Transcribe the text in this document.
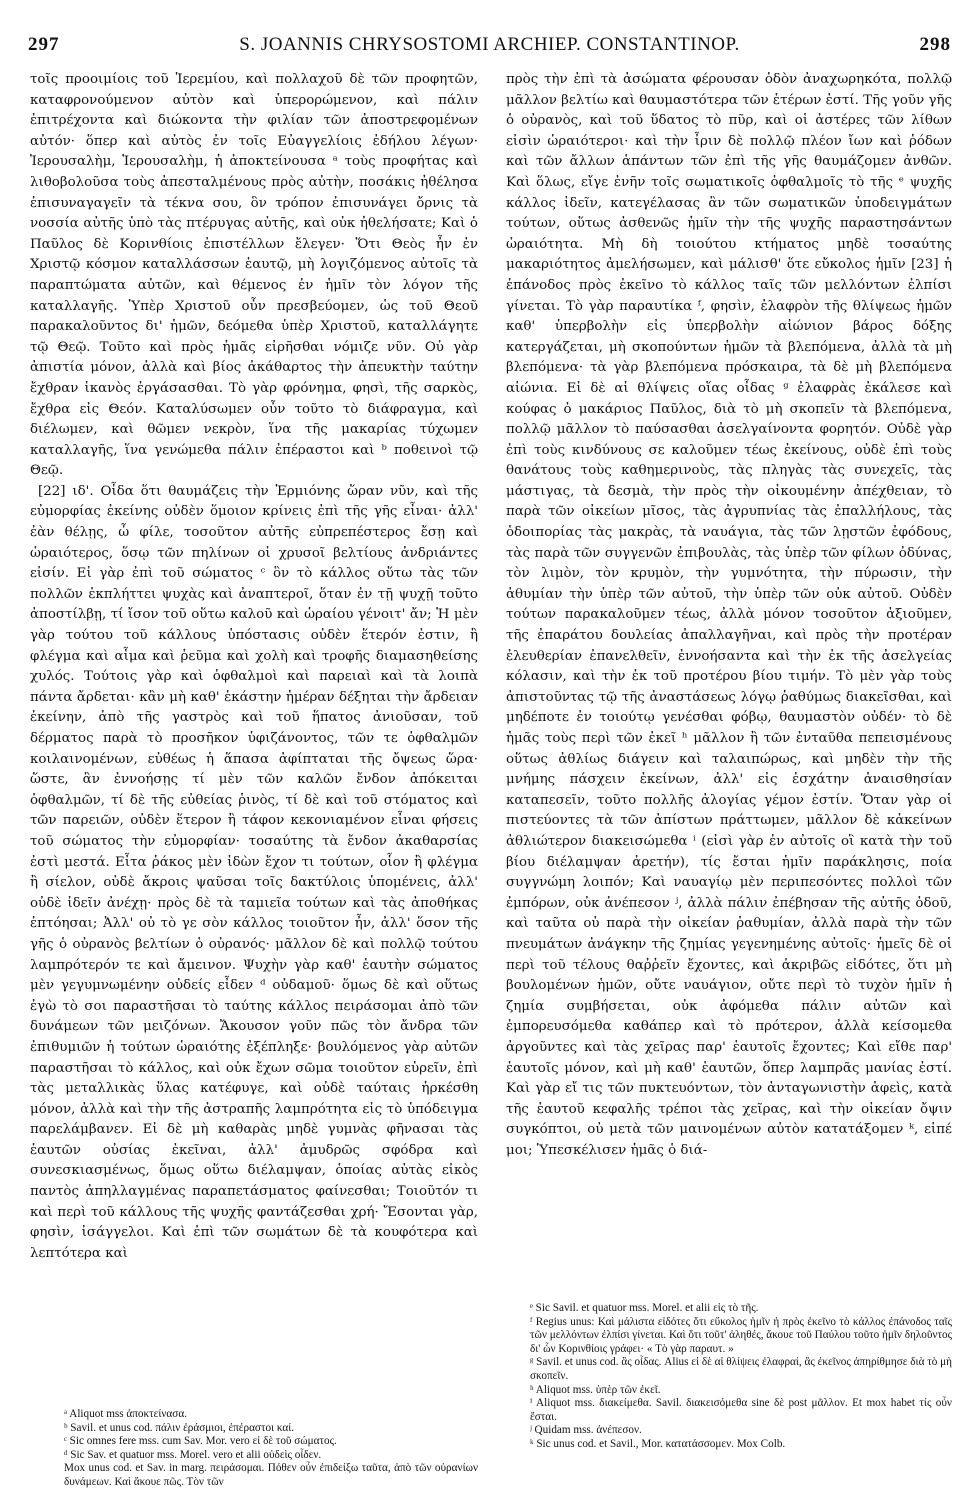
297	S. JOANNIS CHRYSOSTOMI ARCHIEP. CONSTANTINOP.	298

τοῖς προοιμίοις τοῦ Ἱερεμίου, καὶ πολλαχοῦ δὲ τῶν προφητῶν, καταφρονούμενον αὐτὸν καὶ ὑπερορώμενον, καὶ πάλιν ἐπιτρέχοντα καὶ διώκοντα τὴν φιλίαν τῶν ἀποστρεφομένων αὐτόν· ὅπερ καὶ αὐτὸς ἐν τοῖς Εὐαγγελίοις ἐδήλου λέγων· Ἱερουσαλὴμ, Ἱερουσαλὴμ, ἡ ἀποκτείνουσα ᵃ τοὺς προφήτας καὶ λιθοβολοῦσα τοὺς ἀπεσταλμένους πρὸς αὐτὴν, ποσάκις ἠθέλησα ἐπισυναγαγεῖν τὰ τέκνα σου, ὃν τρόπον ἐπισυνάγει ὄρνις τὰ νοσσία αὐτῆς ὑπὸ τὰς πτέρυγας αὐτῆς, καὶ οὐκ ἠθελήσατε; Καὶ ὁ Παῦλος δὲ Κορινθίοις ἐπιστέλλων ἔλεγεν· Ὅτι Θεὸς ἦν ἐν Χριστῷ κόσμον καταλλάσσων ἑαυτῷ, μὴ λογιζόμενος αὐτοῖς τὰ παραπτώματα αὐτῶν, καὶ θέμενος ἐν ἡμῖν τὸν λόγον τῆς καταλλαγῆς. Ὑπὲρ Χριστοῦ οὖν πρεσβεύομεν, ὡς τοῦ Θεοῦ παρακαλοῦντος δι' ἡμῶν, δεόμεθα ὑπὲρ Χριστοῦ, καταλλάγητε τῷ Θεῷ. Τοῦτο καὶ πρὸς ἡμᾶς εἰρῆσθαι νόμιζε νῦν. Οὐ γὰρ ἀπιστία μόνον, ἀλλὰ καὶ βίος ἀκάθαρτος τὴν ἀπευκτὴν ταύτην ἔχθραν ἱκανὸς ἐργάσασθαι. Τὸ γὰρ φρόνημα, φησὶ, τῆς σαρκὸς, ἔχθρα εἰς Θεόν. Καταλύσωμεν οὖν τοῦτο τὸ διάφραγμα, καὶ διέλωμεν, καὶ θῶμεν νεκρὸν, ἵνα τῆς μακαρίας τύχωμεν καταλλαγῆς, ἵνα γενώμεθα πάλιν ἐπέραστοι καὶ ᵇ ποθεινοὶ τῷ Θεῷ.

[22] ιδ'. Οἶδα ὅτι θαυμάζεις τὴν Ἑρμιόνης ὥραν νῦν, καὶ τῆς εὐμορφίας ἐκείνης οὐδὲν ὅμοιον κρίνεις ἐπὶ τῆς γῆς εἶναι· ἀλλ' ἐὰν θέλῃς, ὦ φίλε, τοσοῦτον αὐτῆς εὐπρεπέστερος ἔσῃ καὶ ὡραιότερος, ὅσῳ τῶν πηλίνων οἱ χρυσοῖ βελτίους ἀνδριάντες εἰσίν. Εἰ γὰρ ἐπὶ τοῦ σώματος ᶜ ὃν τὸ κάλλος οὕτω τὰς τῶν πολλῶν ἐκπλήττει ψυχὰς καὶ ἀναπτεροῖ, ὅταν ἐν τῇ ψυχῇ τοῦτο ἀποστίλβῃ, τί ἴσον τοῦ οὕτω καλοῦ καὶ ὡραίου γένοιτ' ἄν; Ἡ μὲν γὰρ τούτου τοῦ κάλλους ὑπόστασις οὐδὲν ἕτερόν ἐστιν, ἢ φλέγμα καὶ αἷμα καὶ ῥεῦμα καὶ χολὴ καὶ τροφῆς διαμασηθείσης χυλός. Τούτοις γὰρ καὶ ὀφθαλμοὶ καὶ παρειαὶ καὶ τὰ λοιπὰ πάντα ἄρδεται· κἂν μὴ καθ' ἑκάστην ἡμέραν δέξηται τὴν ἄρδειαν ἐκείνην, ἀπὸ τῆς γαστρὸς καὶ τοῦ ἥπατος ἀνιοῦσαν, τοῦ δέρματος παρὰ τὸ προσῆκον ὑφιζάνοντος, τῶν τε ὀφθαλμῶν κοιλαινομένων, εὐθέως ἡ ἅπασα ἀφίπταται τῆς ὄψεως ὥρα· ὥστε, ἂν ἐννοήσῃς τί μὲν τῶν καλῶν ἔνδον ἀπόκειται ὀφθαλμῶν, τί δὲ τῆς εὐθείας ῥινὸς, τί δὲ καὶ τοῦ στόματος καὶ τῶν παρειῶν, οὐδὲν ἕτερον ἢ τάφον κεκονιαμένον εἶναι φήσεις τοῦ σώματος τὴν εὐμορφίαν· τοσαύτης τὰ ἔνδον ἀκαθαρσίας ἐστὶ μεστά. Εἶτα ῥάκος μὲν ἰδὼν ἔχον τι τούτων, οἷον ἢ φλέγμα ἢ σίελον, οὐδὲ ἄκροις ψαῦσαι τοῖς δακτύλοις ὑπομένεις, ἀλλ' οὐδὲ ἰδεῖν ἀνέχῃ· πρὸς δὲ τὰ ταμιεῖα τούτων καὶ τὰς ἀποθήκας ἐπτόησαι; Ἀλλ' οὐ τὸ γε σὸν κάλλος τοιοῦτον ἦν, ἀλλ' ὅσον τῆς γῆς ὁ οὐρανὸς βελτίων ὁ οὐρανός· μᾶλλον δὲ καὶ πολλῷ τούτου λαμπρότερόν τε καὶ ἄμεινον. Ψυχὴν γὰρ καθ' ἑαυτὴν σώματος μὲν γεγυμνωμένην οὐδείς εἶδεν ᵈ οὐδαμοῦ· ὅμως δὲ καὶ οὕτως ἐγὼ τὸ σοι παραστῆσαι τὸ ταύτης κάλλος πειράσομαι ἀπὸ τῶν δυνάμεων τῶν μειζόνων. Ἄκουσον γοῦν πῶς τὸν ἄνδρα τῶν ἐπιθυμιῶν ἡ τούτων ὡραιότης ἐξέπληξε· βουλόμενος γὰρ αὐτῶν παραστῆσαι τὸ κάλλος, καὶ οὐκ ἔχων σῶμα τοιοῦτον εὑρεῖν, ἐπὶ τὰς μεταλλικὰς ὕλας κατέφυγε, καὶ οὐδὲ ταύταις ἠρκέσθη μόνον, ἀλλὰ καὶ τὴν τῆς ἀστραπῆς λαμπρότητα εἰς τὸ ὑπόδειγμα παρελάμβανεν. Εἰ δὲ μὴ καθαρὰς μηδὲ γυμνὰς φῆνασαι τὰς ἑαυτῶν οὐσίας ἐκεῖναι, ἀλλ' ἀμυδρῶς σφόδρα καὶ συνεσκιασμένως, ὅμως οὕτω διέλαμψαν, ὁποίας αὐτὰς εἰκὸς παντὸς ἀπηλλαγμένας παραπετάσματος φαίνεσθαι; Τοιοῦτόν τι καὶ περὶ τοῦ κάλλους τῆς ψυχῆς φαντάζεσθαι χρή· Ἔσονται γὰρ, φησὶν, ἰσάγγελοι. Καὶ ἐπὶ τῶν σωμάτων δὲ τὰ κουφότερα καὶ λεπτότερα καὶ

πρὸς τὴν ἐπὶ τὰ ἀσώματα φέρουσαν ὁδὸν ἀναχωρηκότα, πολλῷ μᾶλλον βελτίω καὶ θαυμαστότερα τῶν ἑτέρων ἐστί. Τῆς γοῦν γῆς ὁ οὐρανὸς, καὶ τοῦ ὕδατος τὸ πῦρ, καὶ οἱ ἀστέρες τῶν λίθων εἰσὶν ὡραιότεροι· καὶ τὴν ἶριν δὲ πολλῷ πλέον ἴων καὶ ῥόδων καὶ τῶν ἄλλων ἁπάντων τῶν ἐπὶ τῆς γῆς θαυμάζομεν ἀνθῶν. Καὶ ὅλως, εἴγε ἐνῆν τοῖς σωματικοῖς ὀφθαλμοῖς τὸ τῆς ᵉ ψυχῆς κάλλος ἰδεῖν, κατεγέλασας ἂν τῶν σωματικῶν ὑποδειγμάτων τούτων, οὕτως ἀσθενῶς ἡμῖν τὴν τῆς ψυχῆς παραστησάντων ὡραιότητα. Μὴ δὴ τοιούτου κτήματος μηδὲ τοσαύτης μακαριότητος ἀμελήσωμεν, καὶ μάλισθ' ὅτε εὔκολος ἡμῖν [23] ἡ ἐπάνοδος πρὸς ἐκεῖνο τὸ κάλλος ταῖς τῶν μελλόντων ἐλπίσι γίνεται. Τὸ γὰρ παραυτίκα ᶠ, φησὶν, ἐλαφρὸν τῆς θλίψεως ἡμῶν καθ' ὑπερβολὴν εἰς ὑπερβολὴν αἰώνιον βάρος δόξης κατεργάζεται, μὴ σκοπούντων ἡμῶν τὰ βλεπόμενα, ἀλλὰ τὰ μὴ βλεπόμενα· τὰ γὰρ βλεπόμενα πρόσκαιρα, τὰ δὲ μὴ βλεπόμενα αἰώνια. Εἰ δὲ αἱ θλίψεις οἵας οἶδας ᵍ ἐλαφρὰς ἐκάλεσε καὶ κούφας ὁ μακάριος Παῦλος, διὰ τὸ μὴ σκοπεῖν τὰ βλεπόμενα, πολλῷ μᾶλλον τὸ παύσασθαι ἀσελγαίνοντα φορητόν. Οὐδὲ γὰρ ἐπὶ τοὺς κινδύνους σε καλοῦμεν τέως ἐκείνους, οὐδὲ ἐπὶ τοὺς θανάτους τοὺς καθημερινοὺς, τὰς πληγὰς τὰς συνεχεῖς, τὰς μάστιγας, τὰ δεσμὰ, τὴν πρὸς τὴν οἰκουμένην ἀπέχθειαν, τὸ παρὰ τῶν οἰκείων μῖσος, τὰς ἀγρυπνίας τὰς ἐπαλλήλους, τὰς ὁδοιπορίας τὰς μακρὰς, τὰ ναυάγια, τὰς τῶν λῃστῶν ἐφόδους, τὰς παρὰ τῶν συγγενῶν ἐπιβουλὰς, τὰς ὑπὲρ τῶν φίλων ὀδύνας, τὸν λιμὸν, τὸν κρυμὸν, τὴν γυμνότητα, τὴν πύρωσιν, τὴν ἀθυμίαν τὴν ὑπὲρ τῶν αὐτοῦ, τὴν ὑπὲρ τῶν οὐκ αὐτοῦ. Οὐδὲν τούτων παρακαλοῦμεν τέως, ἀλλὰ μόνον τοσοῦτον ἀξιοῦμεν, τῆς ἐπαράτου δουλείας ἀπαλλαγῆναι, καὶ πρὸς τὴν προτέραν ἐλευθερίαν ἐπανελθεῖν, ἐννοήσαντα καὶ τὴν ἐκ τῆς ἀσελγείας κόλασιν, καὶ τὴν ἐκ τοῦ προτέρου βίου τιμήν. Τὸ μὲν γὰρ τοὺς ἀπιστοῦντας τῷ τῆς ἀναστάσεως λόγῳ ῥαθύμως διακεῖσθαι, καὶ μηδέποτε ἐν τοιούτῳ γενέσθαι φόβῳ, θαυμαστὸν οὐδέν· τὸ δὲ ἡμᾶς τοὺς περὶ τῶν ἐκεῖ ʰ μᾶλλον ἢ τῶν ἐνταῦθα πεπεισμένους οὕτως ἀθλίως διάγειν καὶ ταλαιπώρως, καὶ μηδὲν τὴν τῆς μνήμης πάσχειν ἐκείνων, ἀλλ' εἰς ἐσχάτην ἀναισθησίαν καταπεσεῖν, τοῦτο πολλῆς ἀλογίας γέμον ἐστίν. Ὅταν γὰρ οἱ πιστεύοντες τὰ τῶν ἀπίστων πράττωμεν, μᾶλλον δὲ κἀκείνων ἀθλιώτερον διακεισώμεθα ⁱ (εἰσὶ γὰρ ἐν αὐτοῖς οἳ κατὰ τὴν τοῦ βίου διέλαμψαν ἀρετήν), τίς ἔσται ἡμῖν παράκλησις, ποία συγγνώμη λοιπόν; Καὶ ναυαγίῳ μὲν περιπεσόντες πολλοὶ τῶν ἐμπόρων, οὐκ ἀνέπεσον ʲ, ἀλλὰ πάλιν ἐπέβησαν τῆς αὐτῆς ὁδοῦ, καὶ ταῦτα οὐ παρὰ τὴν οἰκείαν ῥαθυμίαν, ἀλλὰ παρὰ τὴν τῶν πνευμάτων ἀνάγκην τῆς ζημίας γεγενημένης αὐτοῖς· ἡμεῖς δὲ οἱ περὶ τοῦ τέλους θαῤῥεῖν ἔχοντες, καὶ ἀκριβῶς εἰδότες, ὅτι μὴ βουλομένων ἡμῶν, οὔτε ναυάγιον, οὔτε περὶ τὸ τυχὸν ἡμῖν ἡ ζημία συμβήσεται, οὐκ ἀφόμεθα πάλιν αὐτῶν καὶ ἐμπορευσόμεθα καθάπερ καὶ τὸ πρότερον, ἀλλὰ κείσομεθα ἀργοῦντες καὶ τὰς χεῖρας παρ' ἑαυτοῖς ἔχοντες; Καὶ εἴθε παρ' ἑαυτοῖς μόνον, καὶ μὴ καθ' ἑαυτῶν, ὅπερ λαμπρᾶς μανίας ἐστί. Καὶ γὰρ εἴ τις τῶν πυκτευόντων, τὸν ἀνταγωνιστὴν ἀφεὶς, κατὰ τῆς ἑαυτοῦ κεφαλῆς τρέποι τὰς χεῖρας, καὶ τὴν οἰκείαν ὄψιν συγκόπτοι, οὐ μετὰ τῶν μαινομένων αὐτὸν κατατάξομεν ᵏ, εἰπέ μοι; Ὑπεσκέλισεν ἡμᾶς ὁ διά-

ᵃ Aliquot mss ἀποκτείνασα.
ᵇ Savil. et unus cod. πάλιν ἐράσμιοι, ἐπέραστοι καί.
ᶜ Sic omnes fere mss. cum Sav. Mor. vero εἰ δὲ τοῦ σώματος.
ᵈ Sic Sav. et quatuor mss. Morel. vero et alii οὐδεὶς οἶδεν.
Mox unus cod. et Sav. in marg. πειράσομαι. Πόθεν οὖν ἐπιδείξω ταῦτα, ἀπὸ τῶν οὐρανίων δυνάμεων. Καὶ ἄκουε πῶς. Τὸν τῶν
ᵉ Sic Savil. et quatuor mss. Morel. et alii εἰς τὸ τῆς.
ᶠ Regius unus: Καὶ μάλιστα εἰδότες ὅτι εὔκολος ἡμῖν ἡ πρὸς ἐκεῖνο τὸ κάλλος ἐπάνοδος ταῖς τῶν μελλόντων ἐλπίσι γίνεται. Καὶ ὅτι τοῦτ' ἀληθές, ἄκουε τοῦ Παύλου τοῦτο ἡμῖν δηλοῦντος δι' ὧν Κορινθίοις γράφει· « Τὸ γὰρ παραυτ. »
ᵍ Savil. et unus cod. ἃς οἶδας. Alius εἰ δὲ αἱ θλίψεις ἐλαφραί, ἃς ἐκεῖνος ἀπηρίθμησε διὰ τὸ μὴ σκοπεῖν.
ʰ Aliquot mss. ὑπὲρ τῶν ἐκεῖ.
ⁱ Aliquot mss. διακείμεθα. Savil. διακεισόμεθα sine δὲ post μᾶλλον. Et mox habet τίς οὖν ἔσται.
ʲ Quidam mss. ἀνέπεσον.
ᵏ Sic unus cod. et Savil., Mor. κατατάσσομεν. Mox Colb.
